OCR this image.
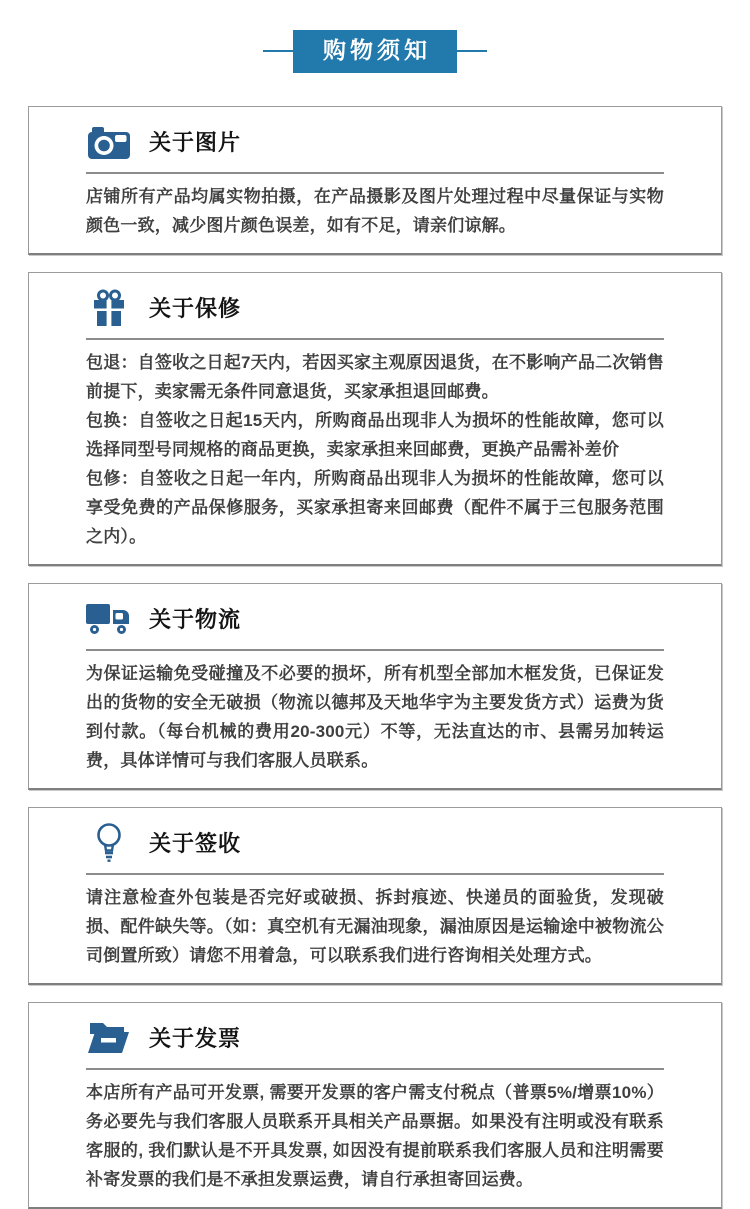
购物须知
关于图片

店铺所有产品均属实物拍摄，在产品摄影及图片处理过程中尽量保证与实物颜色一致，减少图片颜色误差，如有不足，请亲们谅解。

关于保修

包退：自签收之日起7天内，若因买家主观原因退货，在不影响产品二次销售前提下，卖家需无条件同意退货，买家承担退回邮费。

包换：自签收之日起15天内，所购商品出现非人为损坏的性能故障，您可以选择同型号同规格的商品更换，卖家承担来回邮费，更换产品需补差价

包修：自签收之日起一年内，所购商品出现非人为损坏的性能故障，您可以享受免费的产品保修服务，买家承担寄来回邮费（配件不属于三包服务范围之内）。

关于物流

为保证运输免受碰撞及不必要的损坏，所有机型全部加木框发货，已保证发出的货物的安全无破损（物流以德邦及天地华宇为主要发货方式）运费为货到付款。（每台机械的费用20-300元）不等，无法直达的市、县需另加转运费，具体详情可与我们客服人员联系。

关于签收

请注意检查外包装是否完好或破损、拆封痕迹、快递员的面验货，发现破损、配件缺失等。（如：真空机有无漏油现象，漏油原因是运输途中被物流公司倒置所致）请您不用着急，可以联系我们进行咨询相关处理方式。

关于发票

本店所有产品可开发票, 需要开发票的客户需支付税点（普票5%/增票10%）务必要先与我们客服人员联系开具相关产品票据。如果没有注明或没有联系客服的, 我们默认是不开具发票, 如因没有提前联系我们客服人员和注明需要补寄发票的我们是不承担发票运费，请自行承担寄回运费。
